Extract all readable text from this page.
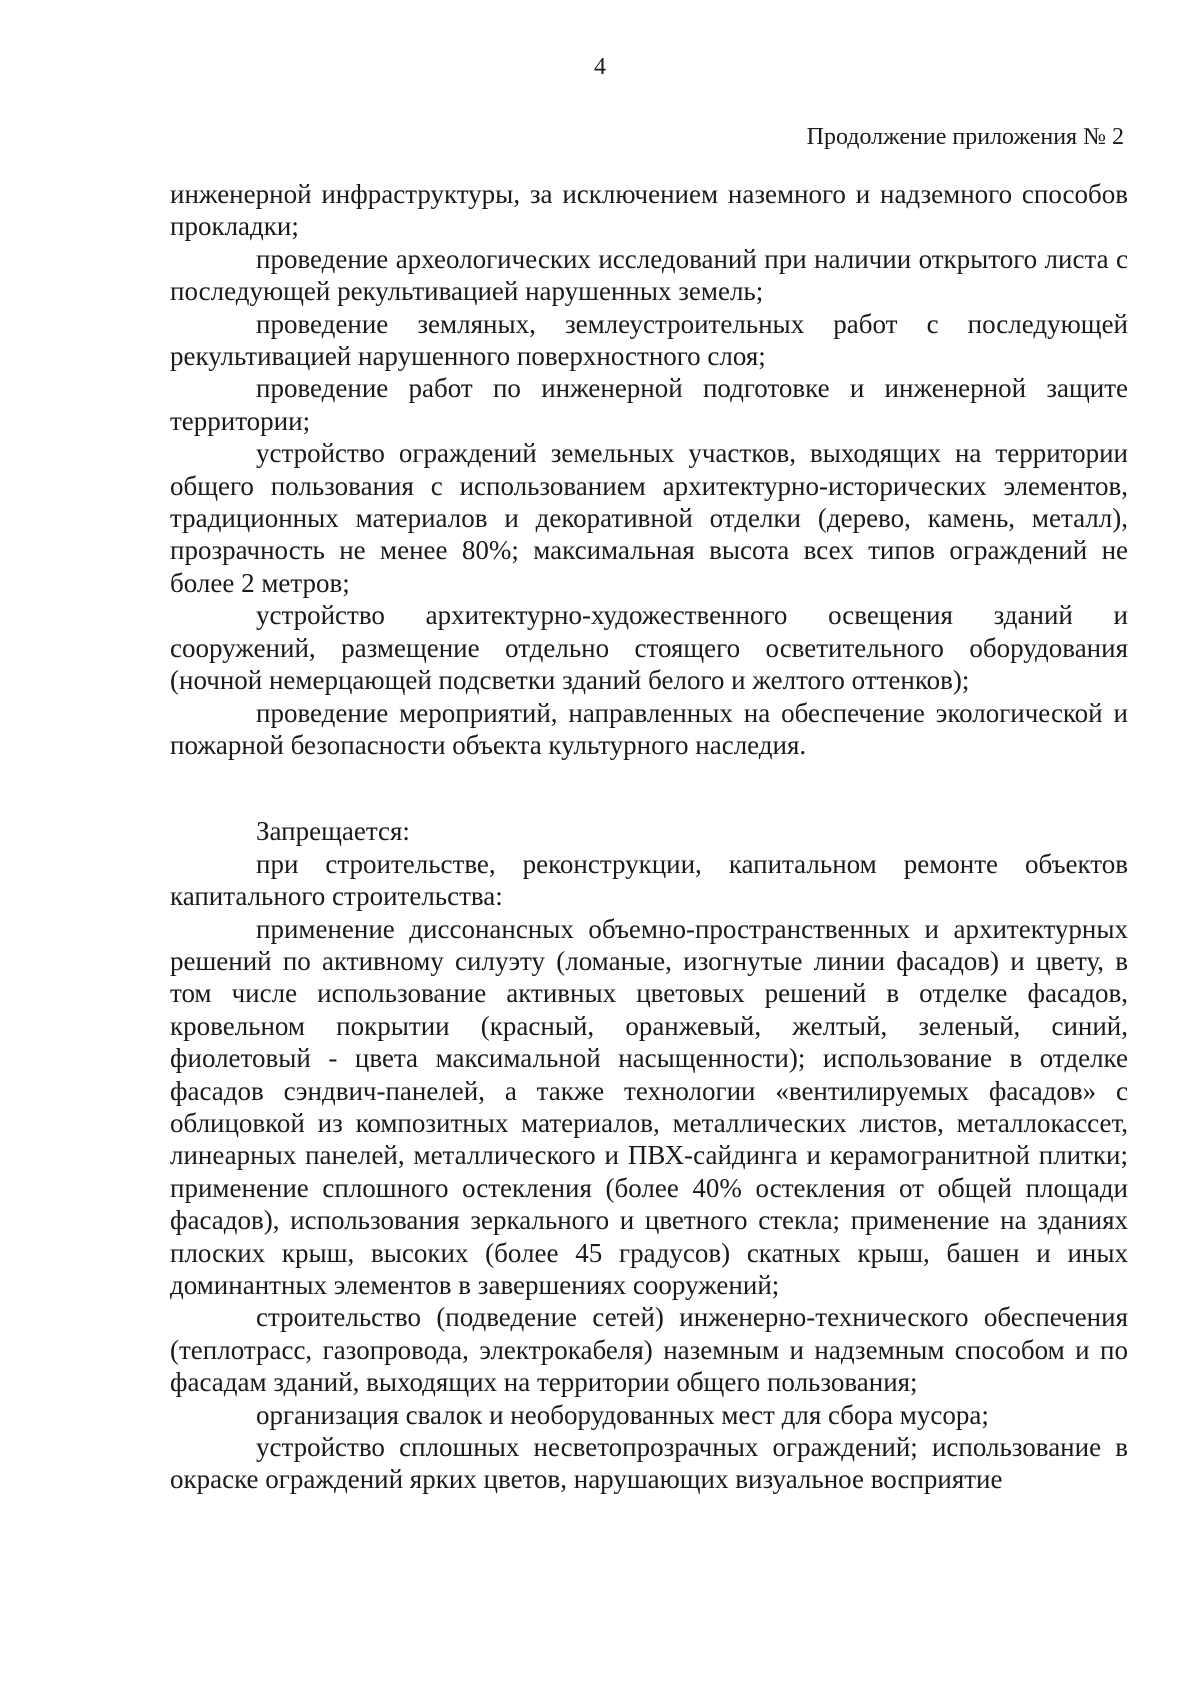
4
Продолжение приложения № 2

инженерной инфраструктуры, за исключением наземного и надземного способов прокладки;

проведение археологических исследований при наличии открытого листа с последующей рекультивацией нарушенных земель;

проведение земляных, землеустроительных работ с последующей рекультивацией нарушенного поверхностного слоя;

проведение работ по инженерной подготовке и инженерной защите территории;

устройство ограждений земельных участков, выходящих на территории общего пользования с использованием архитектурно-исторических элементов, традиционных материалов и декоративной отделки (дерево, камень, металл), прозрачность не менее 80%; максимальная высота всех типов ограждений не более 2 метров;

устройство архитектурно-художественного освещения зданий и сооружений, размещение отдельно стоящего осветительного оборудования (ночной немерцающей подсветки зданий белого и желтого оттенков);

проведение мероприятий, направленных на обеспечение экологической и пожарной безопасности объекта культурного наследия.

Запрещается:

при строительстве, реконструкции, капитальном ремонте объектов капитального строительства:

применение диссонансных объемно-пространственных и архитектурных решений по активному силуэту (ломаные, изогнутые линии фасадов) и цвету, в том числе использование активных цветовых решений в отделке фасадов, кровельном покрытии (красный, оранжевый, желтый, зеленый, синий, фиолетовый - цвета максимальной насыщенности); использование в отделке фасадов сэндвич-панелей, а также технологии «вентилируемых фасадов» с облицовкой из композитных материалов, металлических листов, металлокассет, линеарных панелей, металлического и ПВХ-сайдинга и керамогранитной плитки; применение сплошного остекления (более 40% остекления от общей площади фасадов), использования зеркального и цветного стекла; применение на зданиях плоских крыш, высоких (более 45 градусов) скатных крыш, башен и иных доминантных элементов в завершениях сооружений;

строительство (подведение сетей) инженерно-технического обеспечения (теплотрасс, газопровода, электрокабеля) наземным и надземным способом и по фасадам зданий, выходящих на территории общего пользования;

организация свалок и необорудованных мест для сбора мусора;

устройство сплошных несветопрозрачных ограждений; использование в окраске ограждений ярких цветов, нарушающих визуальное восприятие
